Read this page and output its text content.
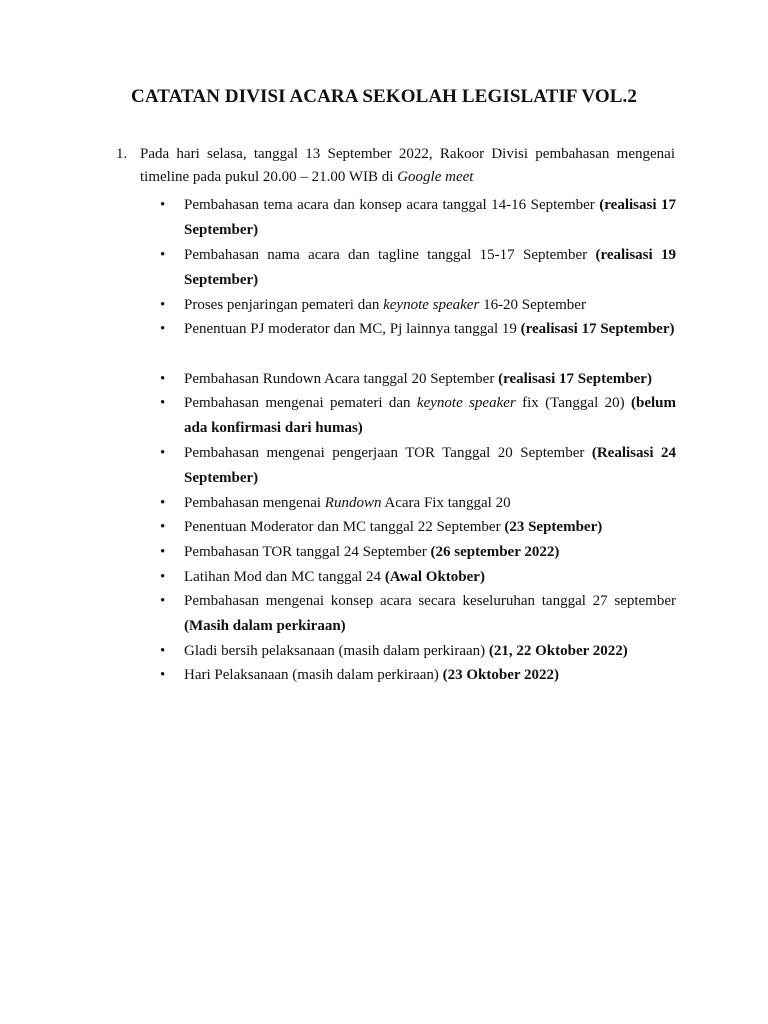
CATATAN DIVISI ACARA SEKOLAH LEGISLATIF VOL.2
1. Pada hari selasa, tanggal 13 September 2022, Rakoor Divisi pembahasan mengenai
timeline pada pukul 20.00 – 21.00 WIB di Google meet
•	Pembahasan tema acara dan konsep acara tanggal 14-16 September (realisasi 17 September)
•	Pembahasan nama acara dan tagline tanggal 15-17 September (realisasi 19 September)
•	Proses penjaringan pemateri dan keynote speaker 16-20 September
•	Penentuan PJ moderator dan MC, Pj lainnya tanggal 19 (realisasi 17 September)
•	Pembahasan Rundown Acara tanggal 20 September (realisasi 17 September)
•	Pembahasan mengenai pemateri dan keynote speaker fix (Tanggal 20) (belum ada konfirmasi dari humas)
•	Pembahasan mengenai pengerjaan TOR Tanggal 20 September (Realisasi 24 September)
•	Pembahasan mengenai Rundown Acara Fix tanggal 20
•	Penentuan Moderator dan MC tanggal 22 September (23 September)
•	Pembahasan TOR tanggal 24 September (26 september 2022)
•	Latihan Mod dan MC tanggal 24 (Awal Oktober)
•	Pembahasan mengenai konsep acara secara keseluruhan tanggal 27 september (Masih dalam perkiraan)
•	Gladi bersih pelaksanaan (masih dalam perkiraan) (21, 22 Oktober 2022)
•	Hari Pelaksanaan (masih dalam perkiraan) (23 Oktober 2022)
